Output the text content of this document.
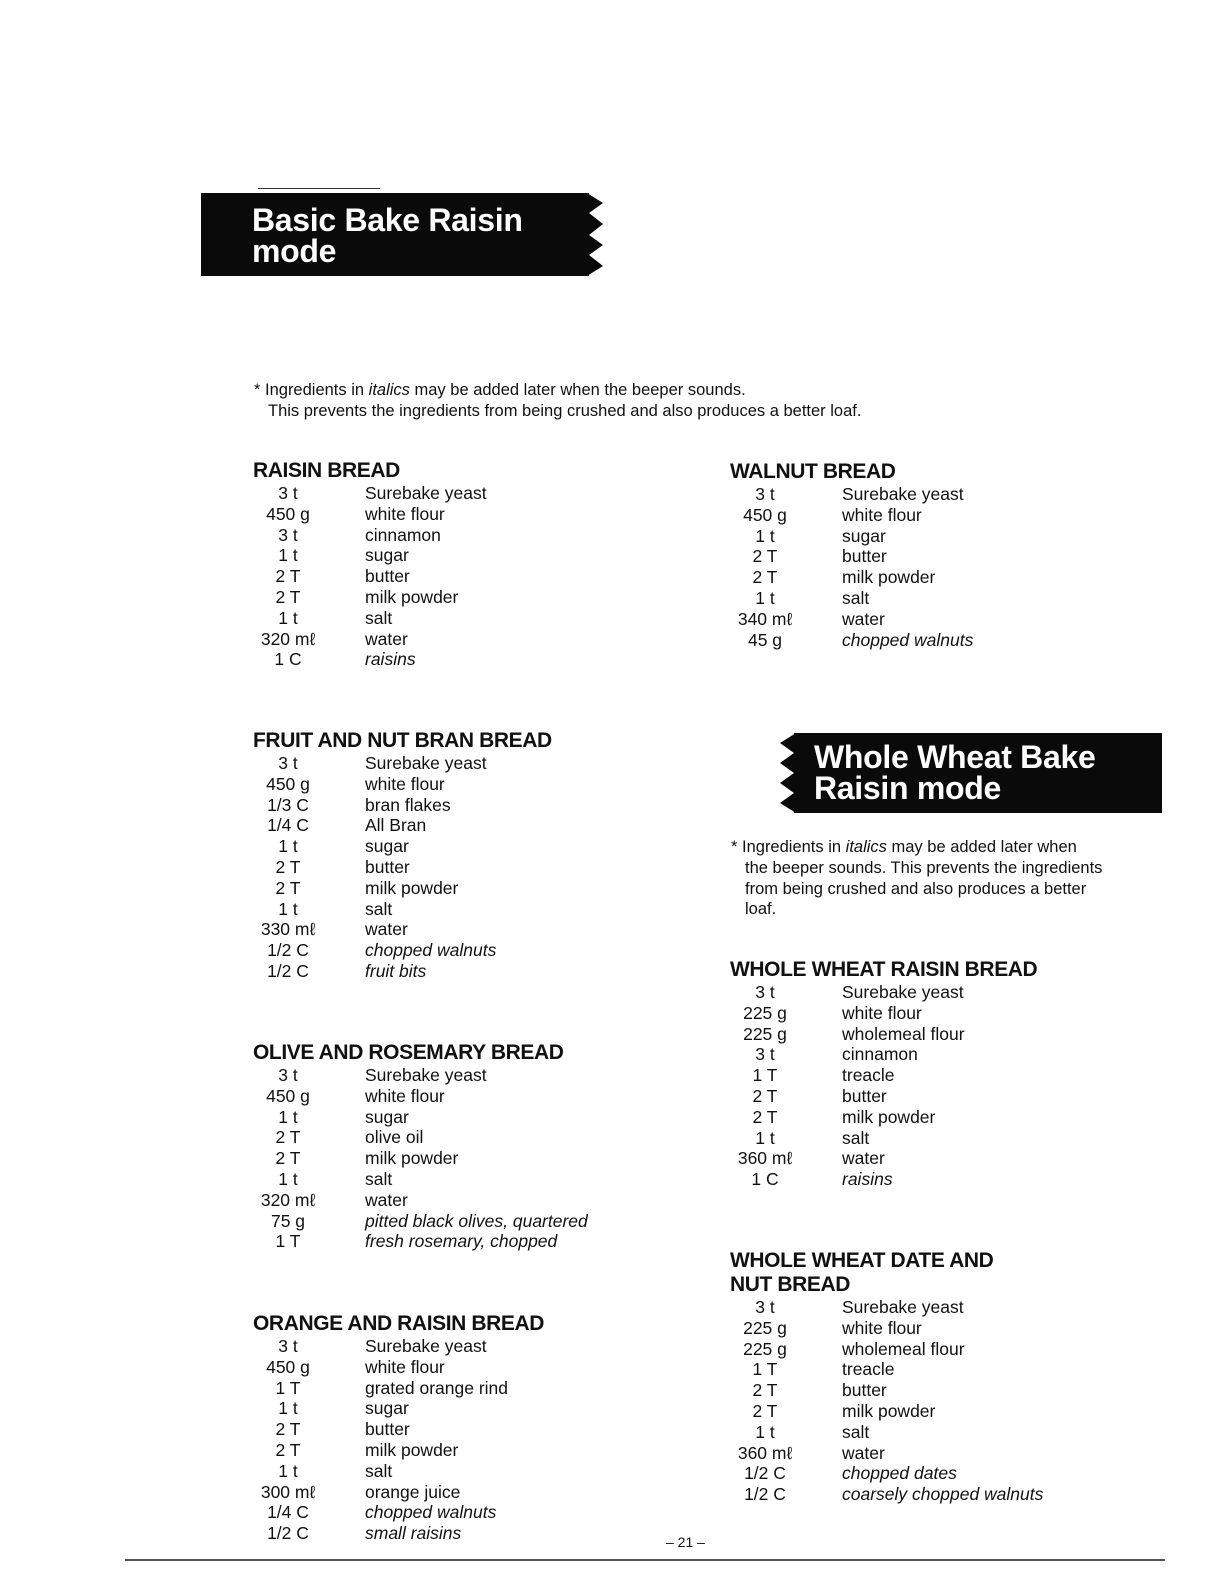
Basic Bake Raisin
mode

* Ingredients in italics may be added later when the beeper sounds.

This prevents the ingredients from being crushed and also produces a better loaf.

RAISIN BREAD
3 t	Surebake yeast
450 g	white flour
3 t	cinnamon
1 t	sugar
2 T	butter
2 T	milk powder
1 t	salt
320 mℓ	water
1 C	raisins
WALNUT BREAD
3 t	Surebake yeast
450 g	white flour
1 t	sugar
2 T	butter
2 T	milk powder
1 t	salt
340 mℓ	water
45 g	chopped walnuts
FRUIT AND NUT BRAN BREAD
3 t	Surebake yeast
450 g	white flour
1/3 C	bran flakes
1/4 C	All Bran
1 t	sugar
2 T	butter
2 T	milk powder
1 t	salt
330 mℓ	water
1/2 C	chopped walnuts
1/2 C	fruit bits
OLIVE AND ROSEMARY BREAD
3 t	Surebake yeast
450 g	white flour
1 t	sugar
2 T	olive oil
2 T	milk powder
1 t	salt
320 mℓ	water
75 g	pitted black olives, quartered
1 T	fresh rosemary, chopped
ORANGE AND RAISIN BREAD
3 t	Surebake yeast
450 g	white flour
1 T	grated orange rind
1 t	sugar
2 T	butter
2 T	milk powder
1 t	salt
300 mℓ	orange juice
1/4 C	chopped walnuts
1/2 C	small raisins
Whole Wheat Bake
Raisin mode

* Ingredients in italics may be added later when

the beeper sounds. This prevents the ingredients

from being crushed and also produces a better

loaf.

WHOLE WHEAT RAISIN BREAD
3 t	Surebake yeast
225 g	white flour
225 g	wholemeal flour
3 t	cinnamon
1 T	treacle
2 T	butter
2 T	milk powder
1 t	salt
360 mℓ	water
1 C	raisins
WHOLE WHEAT DATE AND
NUT BREAD
3 t	Surebake yeast
225 g	white flour
225 g	wholemeal flour
1 T	treacle
2 T	butter
2 T	milk powder
1 t	salt
360 mℓ	water
1/2 C	chopped dates
1/2 C	coarsely chopped walnuts
– 21 –
